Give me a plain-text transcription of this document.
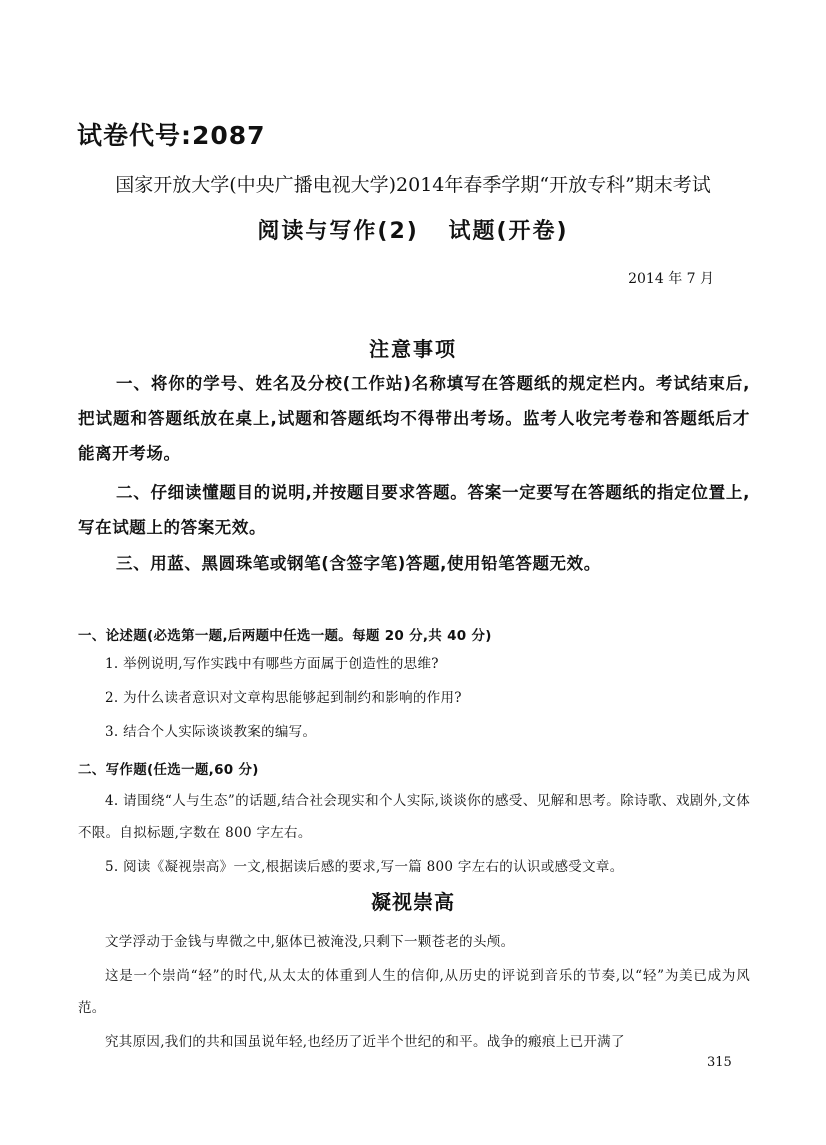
试卷代号:2087
国家开放大学(中央广播电视大学)2014年春季学期“开放专科”期末考试
阅读与写作(2) 试题(开卷)
2014 年 7 月
注意事项
一、将你的学号、姓名及分校(工作站)名称填写在答题纸的规定栏内。考试结束后,把试题和答题纸放在桌上,试题和答题纸均不得带出考场。监考人收完考卷和答题纸后才能离开考场。
二、仔细读懂题目的说明,并按题目要求答题。答案一定要写在答题纸的指定位置上,写在试题上的答案无效。
三、用蓝、黑圆珠笔或钢笔(含签字笔)答题,使用铅笔答题无效。
一、论述题(必选第一题,后两题中任选一题。每题 20 分,共 40 分)
1. 举例说明,写作实践中有哪些方面属于创造性的思维?
2. 为什么读者意识对文章构思能够起到制约和影响的作用?
3. 结合个人实际谈谈教案的编写。
二、写作题(任选一题,60 分)
4. 请围绕“人与生态”的话题,结合社会现实和个人实际,谈谈你的感受、见解和思考。除诗歌、戏剧外,文体不限。自拟标题,字数在 800 字左右。
5. 阅读《凝视崇高》一文,根据读后感的要求,写一篇 800 字左右的认识或感受文章。
凝视崇高
文学浮动于金钱与卑微之中,躯体已被淹没,只剩下一颗苍老的头颅。
这是一个崇尚“轻”的时代,从太太的体重到人生的信仰,从历史的评说到音乐的节奏,以“轻”为美已成为风范。
究其原因,我们的共和国虽说年轻,也经历了近半个世纪的和平。战争的瘢痕上已开满了
315
